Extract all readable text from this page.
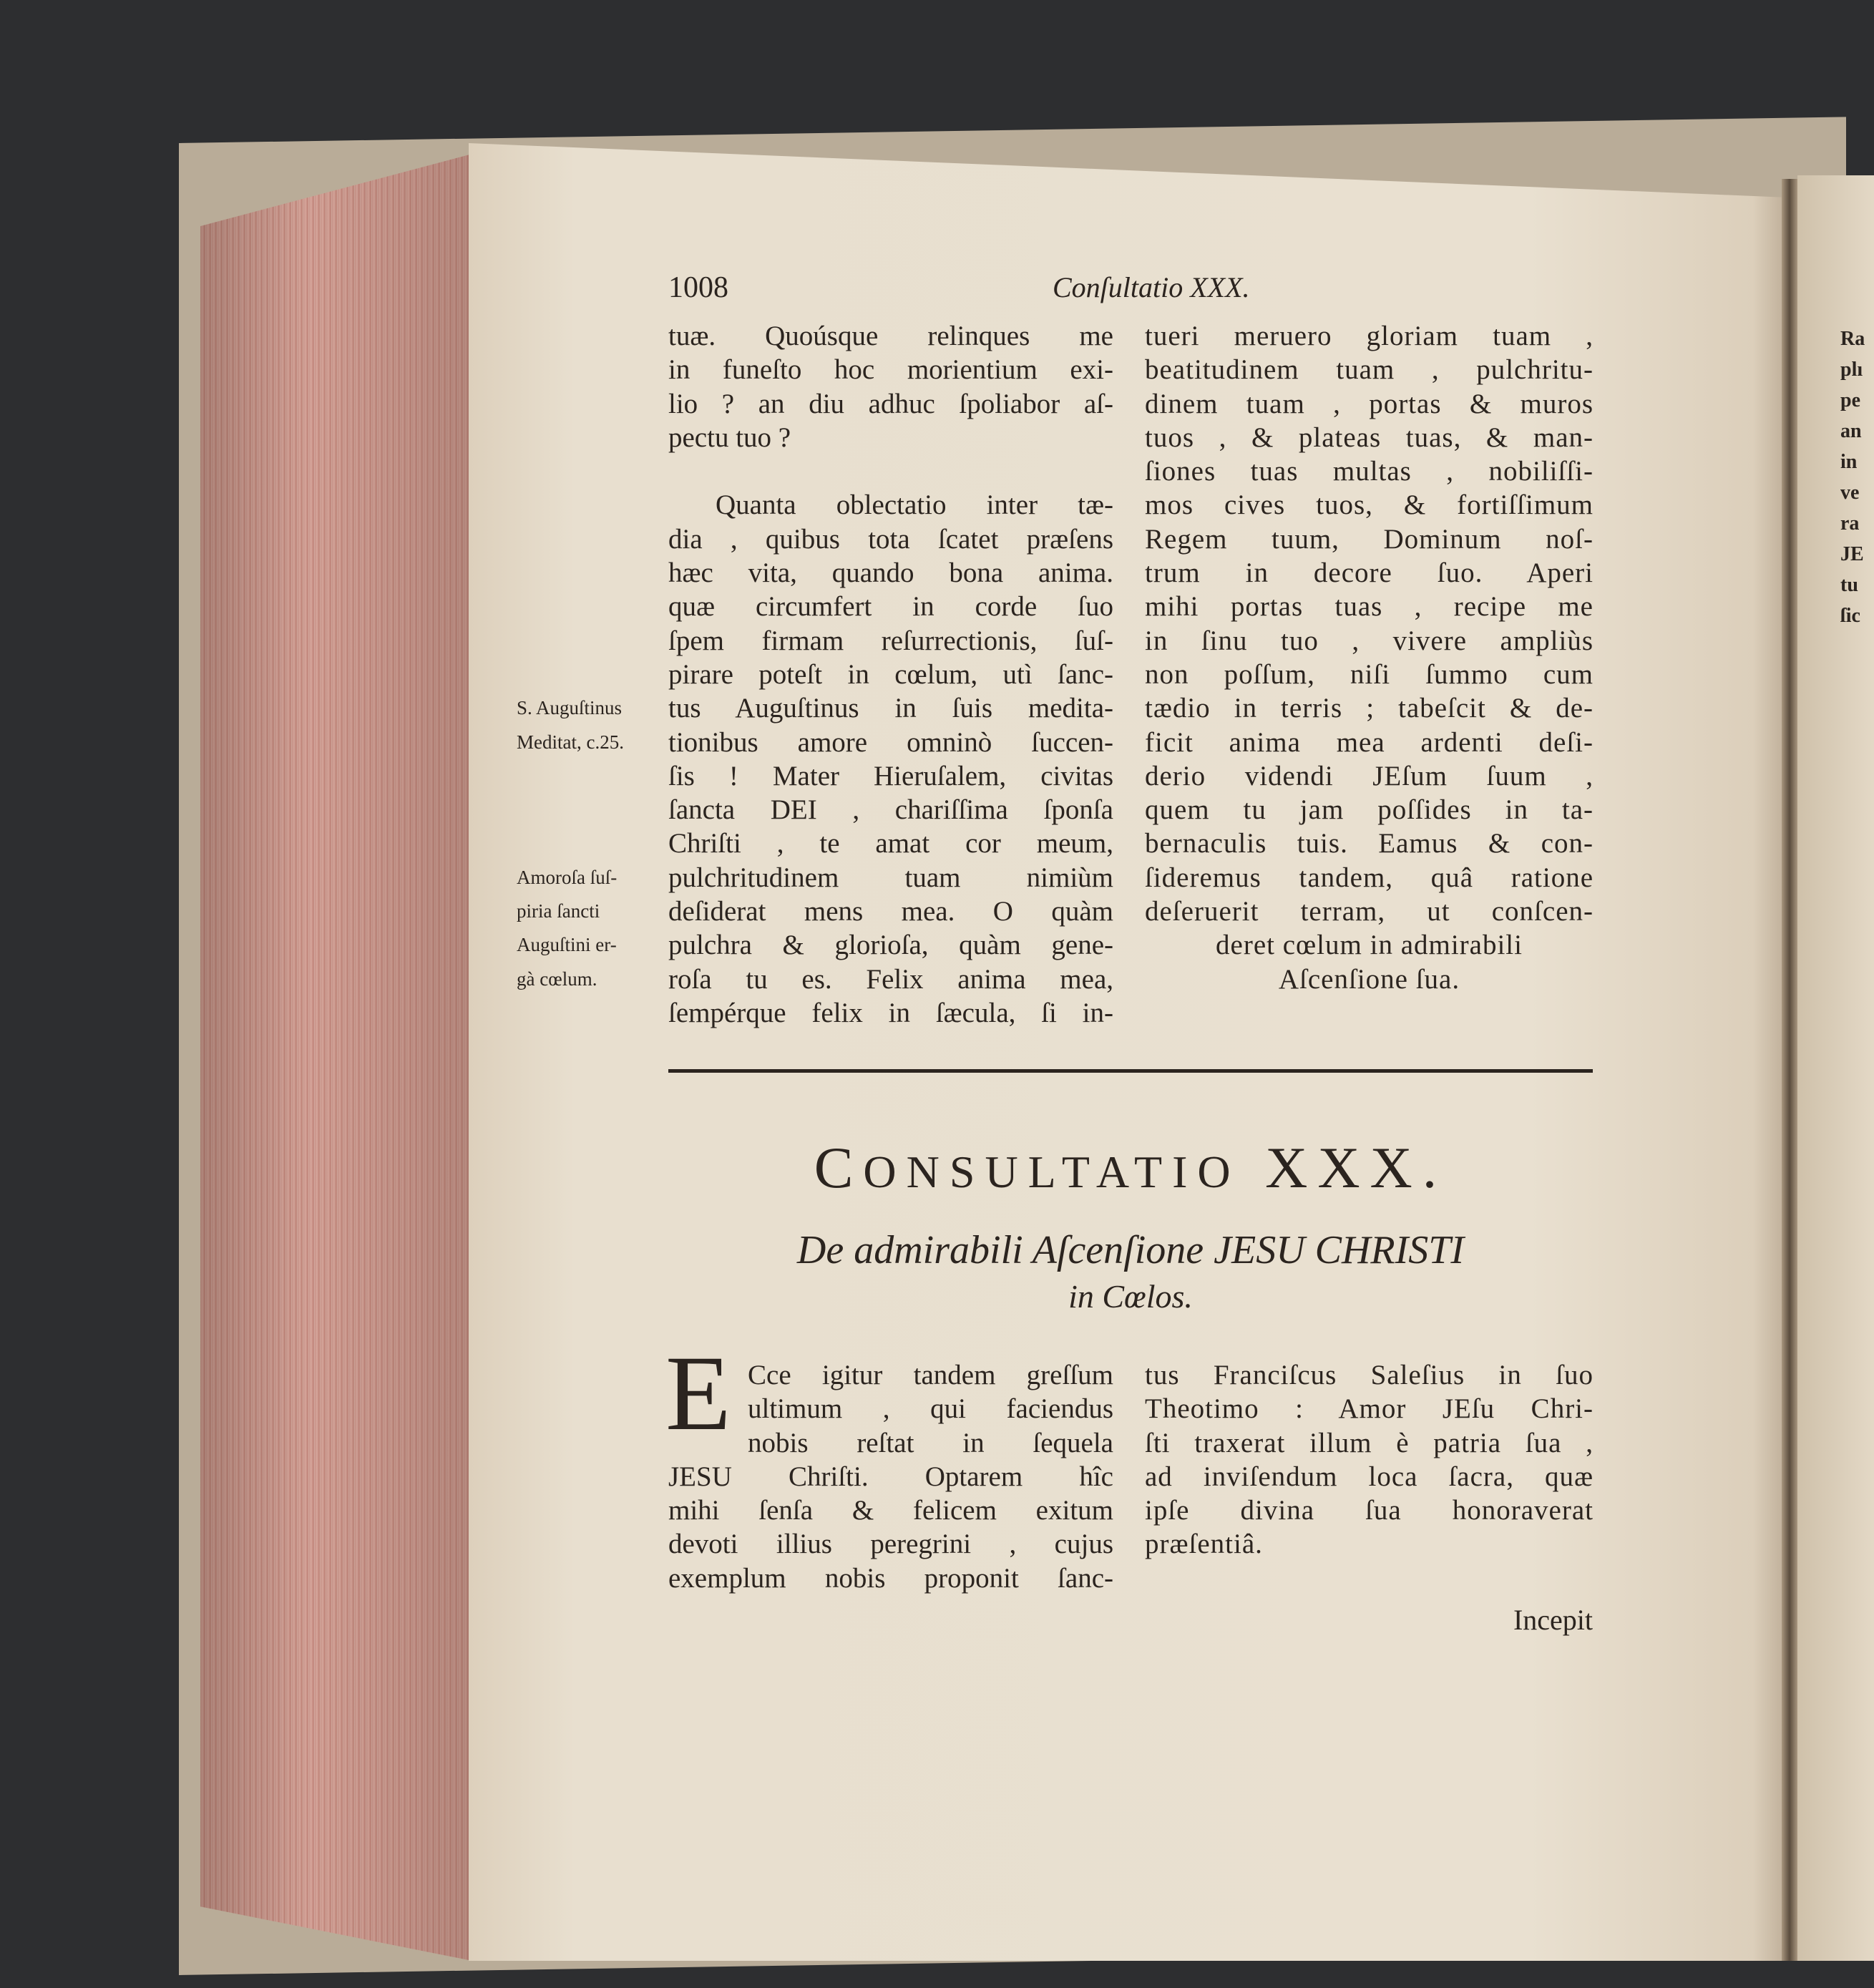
1008	Conſultatio XXX.
tuæ. Quoúsque relinques me
in funeſto hoc morientium exi-
lio ? an diu adhuc ſpoliabor aſ-
pectu tuo ?
Quanta oblectatio inter tæ-
dia , quibus tota ſcatet præſens
hæc vita, quando bona anima.
quæ circumfert in corde ſuo
ſpem firmam reſurrectionis, ſuſ-
pirare poteſt in cœlum, utì ſanc-
tus Auguſtinus in ſuis medita-
tionibus amore omninò ſuccen-
ſis ! Mater Hieruſalem, civitas
ſancta DEI , chariſſima ſponſa
Chriſti , te amat cor meum,
pulchritudinem tuam nimiùm
deſiderat mens mea. O quàm
pulchra & glorioſa, quàm gene-
roſa tu es. Felix anima mea,
ſempérque felix in ſæcula, ſi in-
tueri meruero gloriam tuam ,
beatitudinem tuam , pulchritu-
dinem tuam , portas & muros
tuos , & plateas tuas, & man-
ſiones tuas multas , nobiliſſi-
mos cives tuos, & fortiſſimum
Regem tuum, Dominum noſ-
trum in decore ſuo. Aperi
mihi portas tuas , recipe me
in ſinu tuo , vivere ampliùs
non poſſum, niſi ſummo cum
tædio in terris ; tabeſcit & de-
ficit anima mea ardenti deſi-
derio videndi JEſum ſuum ,
quem tu jam poſſides in ta-
bernaculis tuis. Eamus & con-
ſideremus tandem, quâ ratione
deſeruerit terram, ut conſcen-
deret cœlum in admirabili
Aſcenſione ſua.
S. Auguſtinus
Meditat, c.25.
Amoroſa ſuſ-
piria ſancti
Auguſtini er-
gà cœlum.
CONSULTATIO XXX.
De admirabili Aſcenſione JESU CHRISTI
in Cœlos.
E Cce igitur tandem greſſum
ultimum , qui faciendus
nobis reſtat in ſequela
JESU Chriſti. Optarem hîc
mihi ſenſa & felicem exitum
devoti illius peregrini , cujus
exemplum nobis proponit ſanc-
tus Franciſcus Saleſius in ſuo
Theotimo : Amor JEſu Chri-
ſti traxerat illum è patria ſua ,
ad inviſendum loca ſacra, quæ
ipſe divina ſua honoraverat
præſentiâ.
Incepit
Ra
plı
pe
an
in
ve
ra
JE
tu
ſic
